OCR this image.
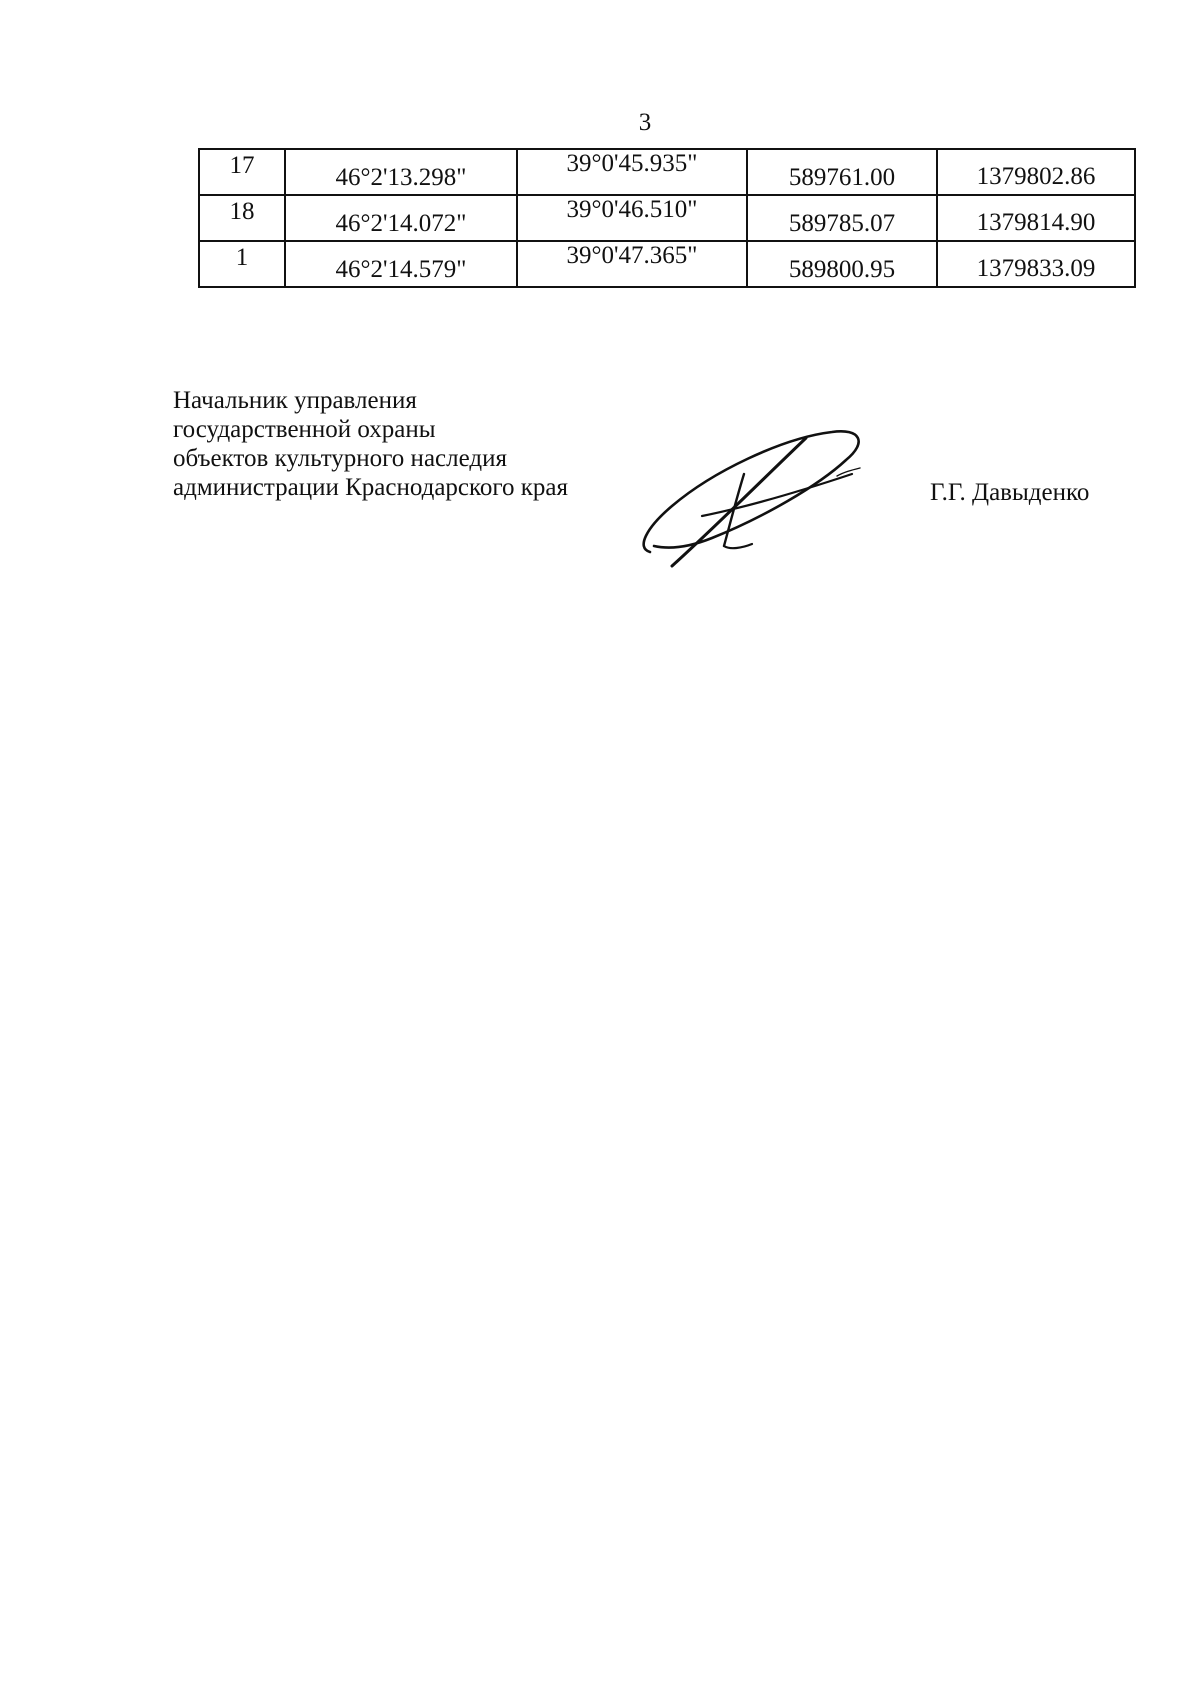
3
17	46°2'13.298"	39°0'45.935"	589761.00	1379802.86
18	46°2'14.072"	39°0'46.510"	589785.07	1379814.90
1	46°2'14.579"	39°0'47.365"	589800.95	1379833.09
Начальник управления
государственной охраны
объектов культурного наследия
администрации Краснодарского края	Г.Г. Давыденко
